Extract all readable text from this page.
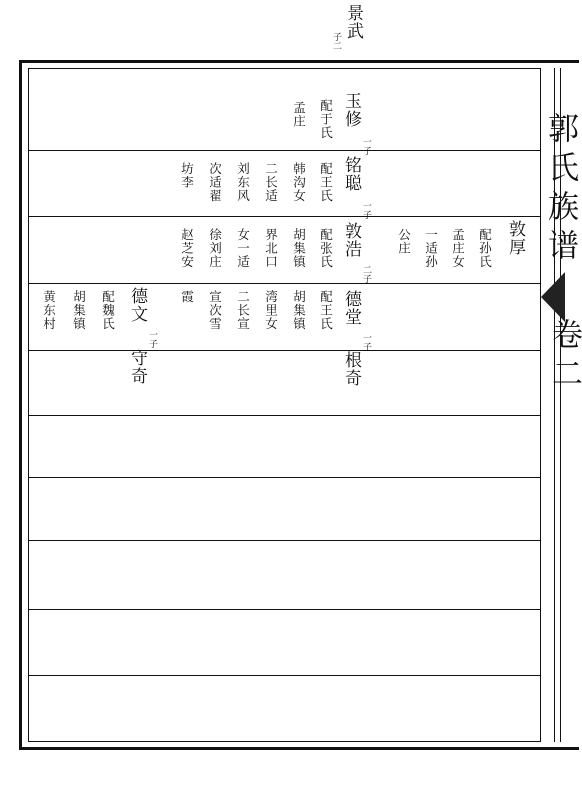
景武
子二
郭氏族谱
卷二
玉修
一子
配于氏
孟庄
铭聪
一子
配王氏
韩沟女
二长适
刘东风
次适翟
坊李
敦厚
配孙氏
孟庄女
一适孙
公庄
敦浩
二子
配张氏
胡集镇
界北口
女一适
徐刘庄
赵芝安
德堂
一子
配王氏
胡集镇
湾里女
二长宣
宣次雪
霞
德文
一子
配魏氏
胡集镇
黄东村
根奇
守奇
